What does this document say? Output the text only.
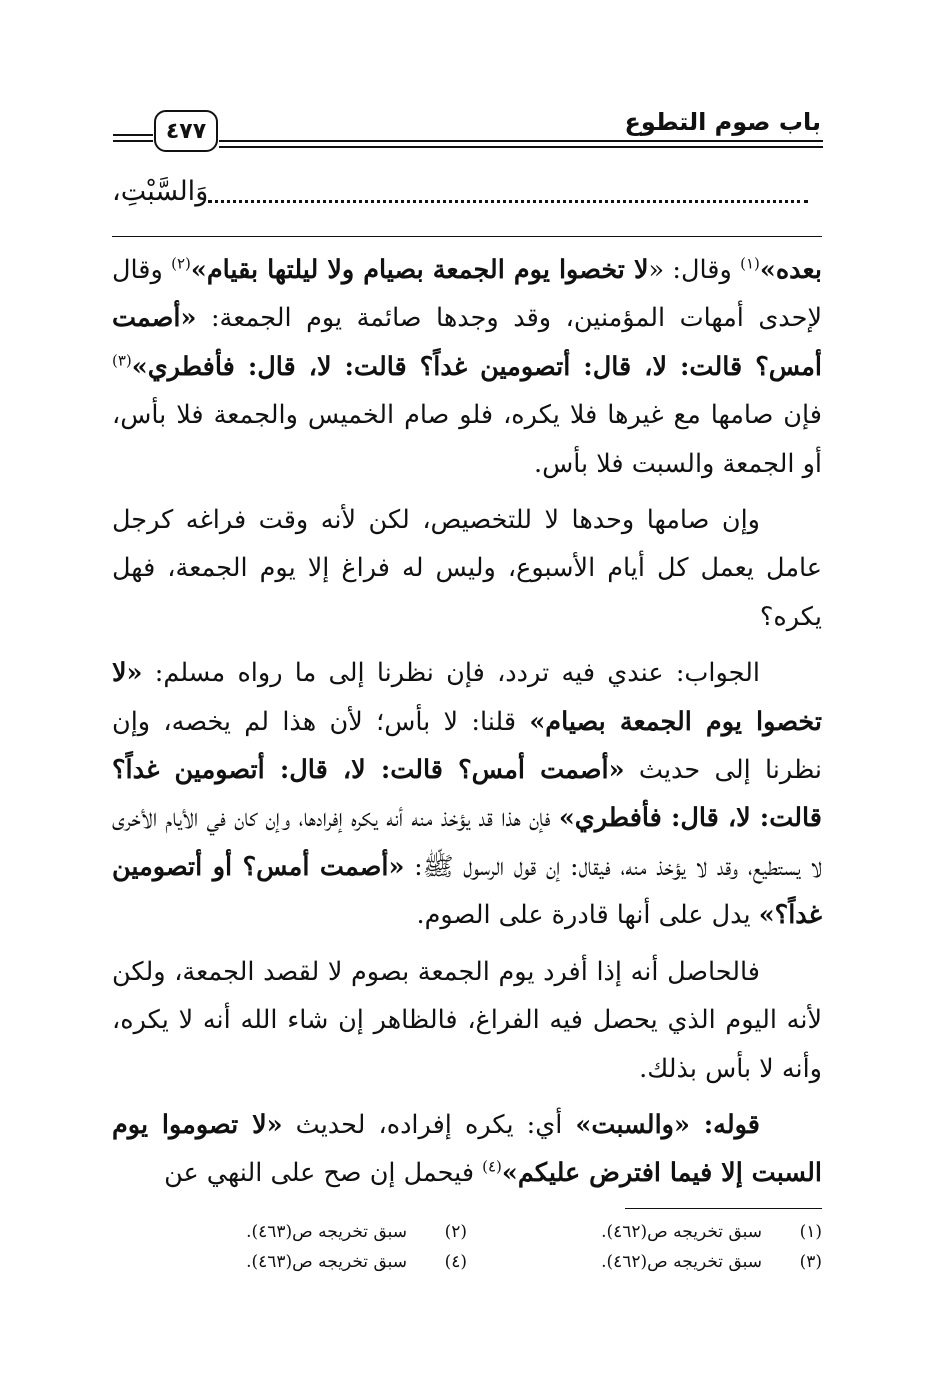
باب صوم التطوع
٤٧٧
وَالسَّبْتِ،

بعده»$^{(١)}$ وقال: «لا تخصوا يوم الجمعة بصيام ولا ليلتها بقيام»$^{(٢)}$ وقال لإحدى أمهات المؤمنين، وقد وجدها صائمة يوم الجمعة: «أصمت أمس؟ قالت: لا، قال: أتصومين غداً؟ قالت: لا، قال: فأفطري»$^{(٣)}$ فإن صامها مع غيرها فلا يكره، فلو صام الخميس والجمعة فلا بأس، أو الجمعة والسبت فلا بأس.

وإن صامها وحدها لا للتخصيص، لكن لأنه وقت فراغه كرجل عامل يعمل كل أيام الأسبوع، وليس له فراغ إلا يوم الجمعة، فهل يكره؟

الجواب: عندي فيه تردد، فإن نظرنا إلى ما رواه مسلم: «لا تخصوا يوم الجمعة بصيام» قلنا: لا بأس؛ لأن هذا لم يخصه، وإن نظرنا إلى حديث «أصمت أمس؟ قالت: لا، قال: أتصومين غداً؟ قالت: لا، قال: فأفطري» فإن هذا قد يؤخذ منه أنه يكره إفرادها، وإن كان في الأيام الأخرى لا يستطيع، وقد لا يؤخذ منه، فيقال: إن قول الرسول ﷺ: «أصمت أمس؟ أو أتصومين غداً؟» يدل على أنها قادرة على الصوم.

فالحاصل أنه إذا أفرد يوم الجمعة بصوم لا لقصد الجمعة، ولكن لأنه اليوم الذي يحصل فيه الفراغ، فالظاهر إن شاء الله أنه لا يكره، وأنه لا بأس بذلك.

قوله: «والسبت» أي: يكره إفراده، لحديث «لا تصوموا يوم السبت إلا فيما افترض عليكم»$^{(٤)}$ فيحمل إن صح على النهي عن

(١)
سبق تخريجه ص(٤٦٢).
(٢)
سبق تخريجه ص(٤٦٣).
(٣)
سبق تخريجه ص(٤٦٢).
(٤)
سبق تخريجه ص(٤٦٣).
